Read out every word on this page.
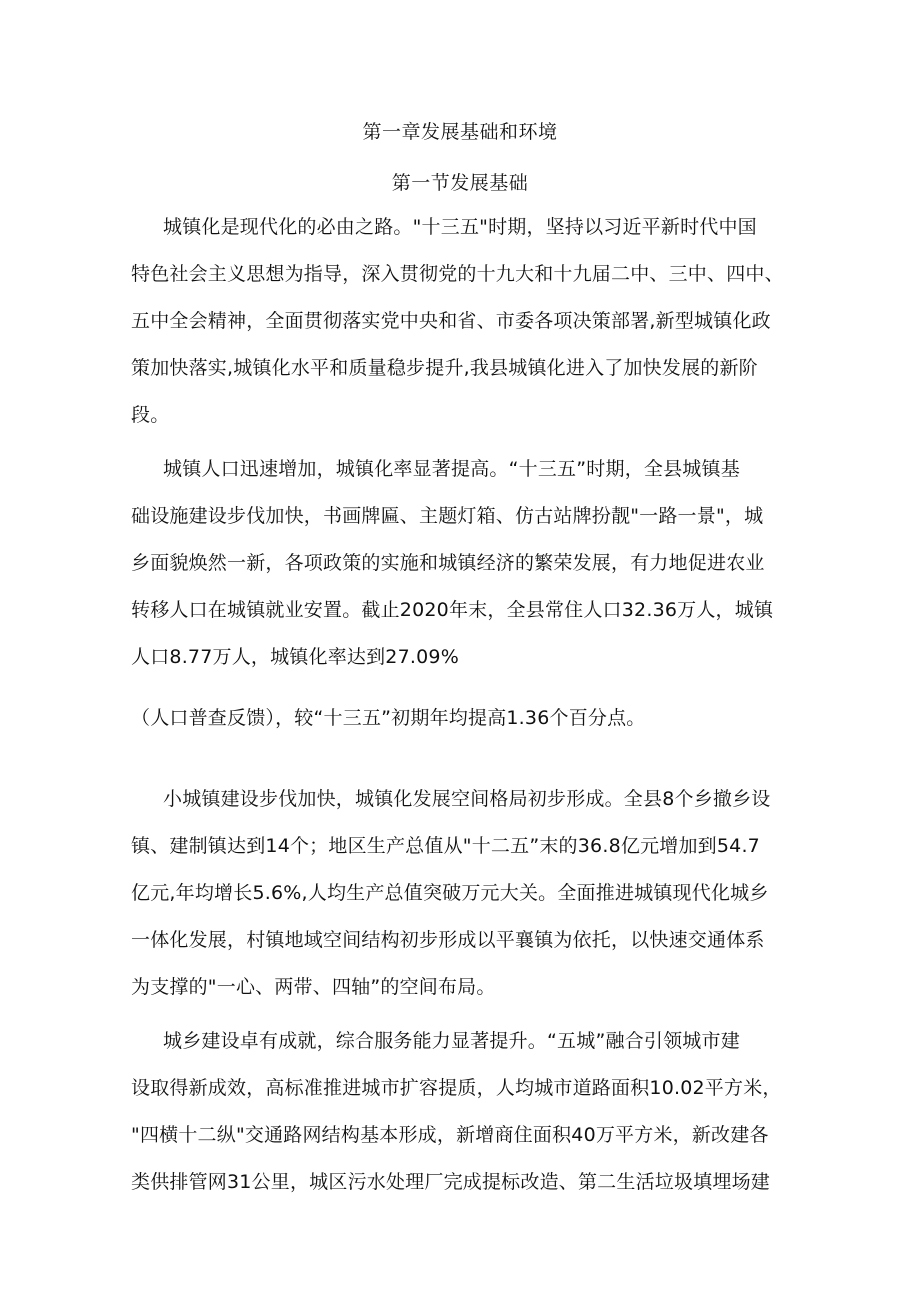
第一章发展基础和环境
第一节发展基础
城镇化是现代化的必由之路。"十三五"时期，坚持以习近平新时代中国
特色社会主义思想为指导，深入贯彻党的十九大和十九届二中、三中、四中、
五中全会精神，全面贯彻落实党中央和省、市委各项决策部署,新型城镇化政
策加快落实,城镇化水平和质量稳步提升,我县城镇化进入了加快发展的新阶
段。
城镇人口迅速增加，城镇化率显著提高。“十三五”时期，全县城镇基
础设施建设步伐加快，书画牌匾、主题灯箱、仿古站牌扮靓"一路一景"，城
乡面貌焕然一新，各项政策的实施和城镇经济的繁荣发展，有力地促进农业
转移人口在城镇就业安置。截止2020年末，全县常住人口32.36万人，城镇
人口8.77万人，城镇化率达到27.09%
（人口普查反馈），较“十三五”初期年均提高1.36个百分点。
小城镇建设步伐加快，城镇化发展空间格局初步形成。全县8个乡撤乡设
镇、建制镇达到14个；地区生产总值从"十二五”末的36.8亿元增加到54.7
亿元,年均增长5.6%,人均生产总值突破万元大关。全面推进城镇现代化城乡
一体化发展，村镇地域空间结构初步形成以平襄镇为依托，以快速交通体系
为支撑的"一心、两带、四轴”的空间布局。
城乡建设卓有成就，综合服务能力显著提升。“五城”融合引领城市建
设取得新成效，高标准推进城市扩容提质，人均城市道路面积10.02平方米，
"四横十二纵"交通路网结构基本形成，新增商住面积40万平方米，新改建各
类供排管网31公里，城区污水处理厂完成提标改造、第二生活垃圾填埋场建
